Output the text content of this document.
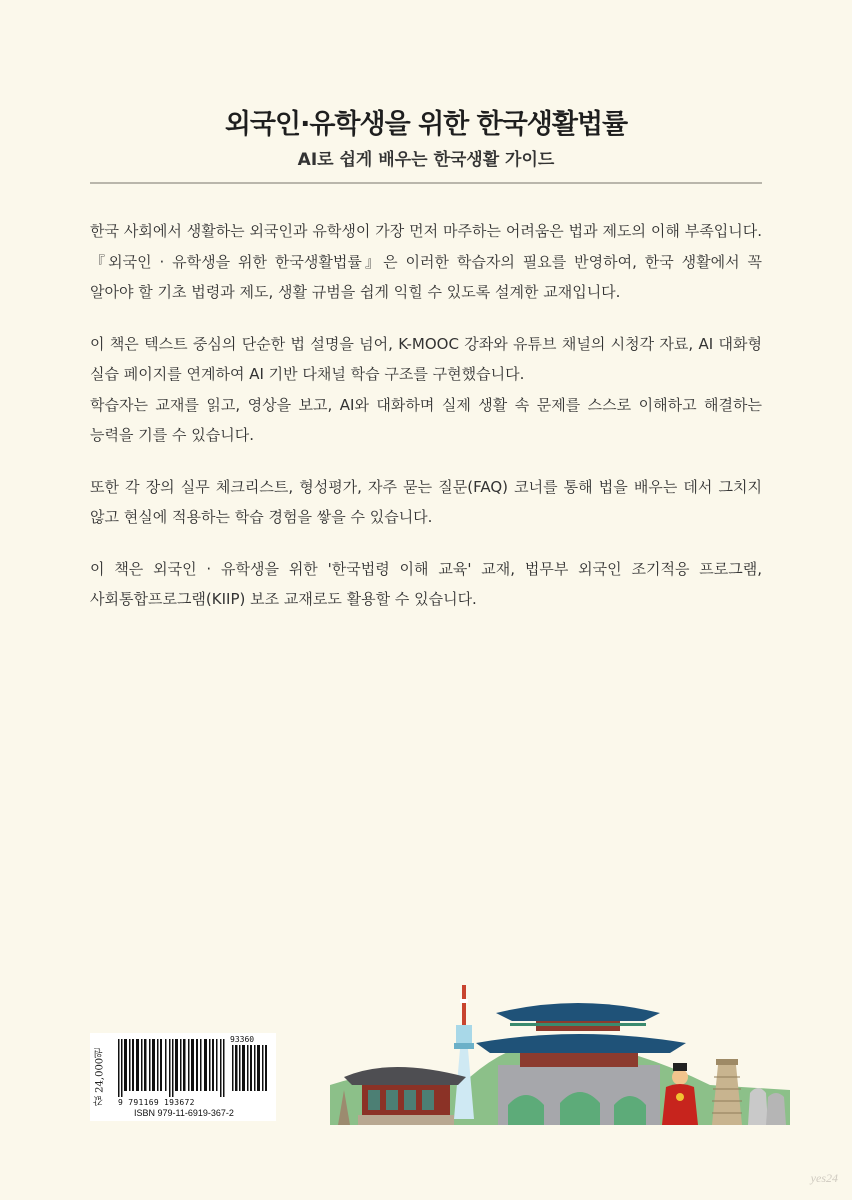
외국인·유학생을 위한 한국생활법률
AI로 쉽게 배우는 한국생활 가이드

한국 사회에서 생활하는 외국인과 유학생이 가장 먼저 마주하는 어려움은 법과 제도의 이해 부족입니다. 『외국인 · 유학생을 위한 한국생활법률』은 이러한 학습자의 필요를 반영하여, 한국 생활에서 꼭 알아야 할 기초 법령과 제도, 생활 규범을 쉽게 익힐 수 있도록 설계한 교재입니다.

이 책은 텍스트 중심의 단순한 법 설명을 넘어, K-MOOC 강좌와 유튜브 채널의 시청각 자료, AI 대화형 실습 페이지를 연계하여 AI 기반 다채널 학습 구조를 구현했습니다.
학습자는 교재를 읽고, 영상을 보고, AI와 대화하며 실제 생활 속 문제를 스스로 이해하고 해결하는 능력을 기를 수 있습니다.

또한 각 장의 실무 체크리스트, 형성평가, 자주 묻는 질문(FAQ) 코너를 통해 법을 배우는 데서 그치지 않고 현실에 적용하는 학습 경험을 쌓을 수 있습니다.

이 책은 외국인 · 유학생을 위한 '한국법령 이해 교육' 교재, 법무부 외국인 조기적응 프로그램, 사회통합프로그램(KIIP) 보조 교재로도 활용할 수 있습니다.

값 24,000원
93360
9 791169 193672
ISBN 979-11-6919-367-2
yes24
